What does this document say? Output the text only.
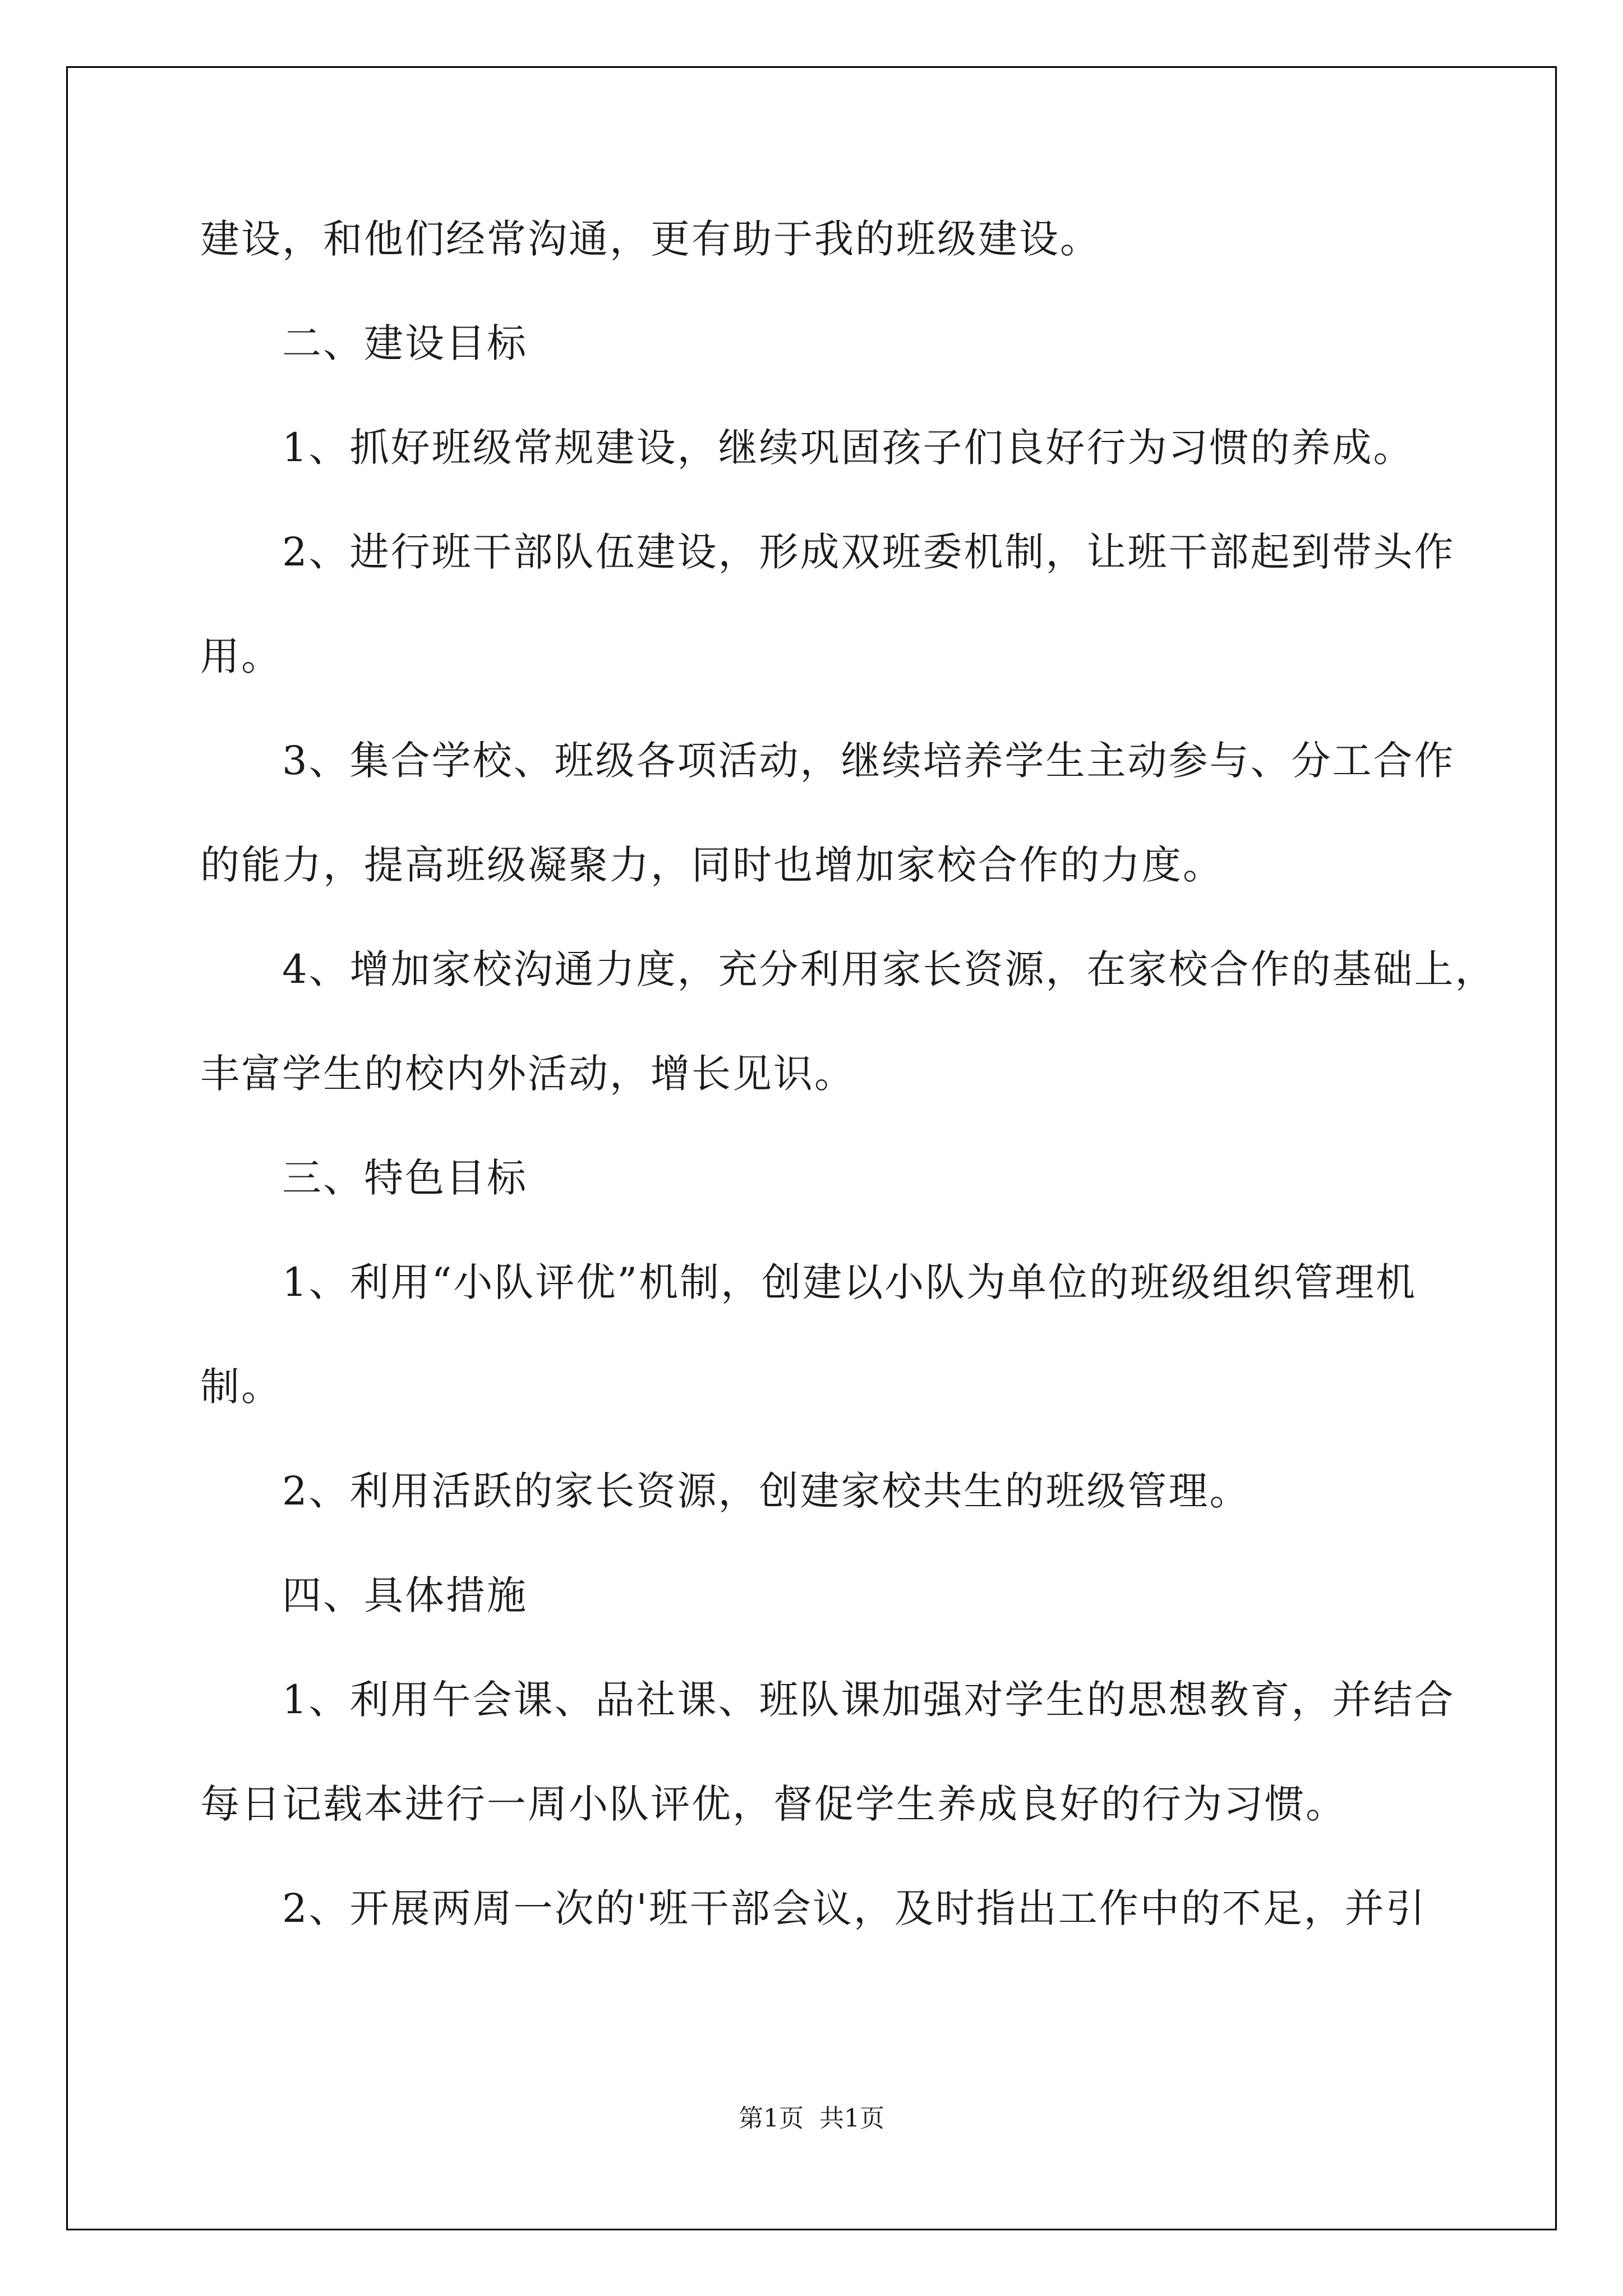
建设，和他们经常沟通，更有助于我的班级建设。

二、建设目标

1、抓好班级常规建设，继续巩固孩子们良好行为习惯的养成。

2、进行班干部队伍建设，形成双班委机制，让班干部起到带头作

用。

3、集合学校、班级各项活动，继续培养学生主动参与、分工合作

的能力，提高班级凝聚力，同时也增加家校合作的力度。

4、增加家校沟通力度，充分利用家长资源，在家校合作的基础上，

丰富学生的校内外活动，增长见识。

三、特色目标

1、利用“小队评优”机制，创建以小队为单位的班级组织管理机

制。

2、利用活跃的家长资源，创建家校共生的班级管理。

四、具体措施

1、利用午会课、品社课、班队课加强对学生的思想教育，并结合

每日记载本进行一周小队评优，督促学生养成良好的行为习惯。

2、开展两周一次的'班干部会议，及时指出工作中的不足，并引

第1页  共1页
